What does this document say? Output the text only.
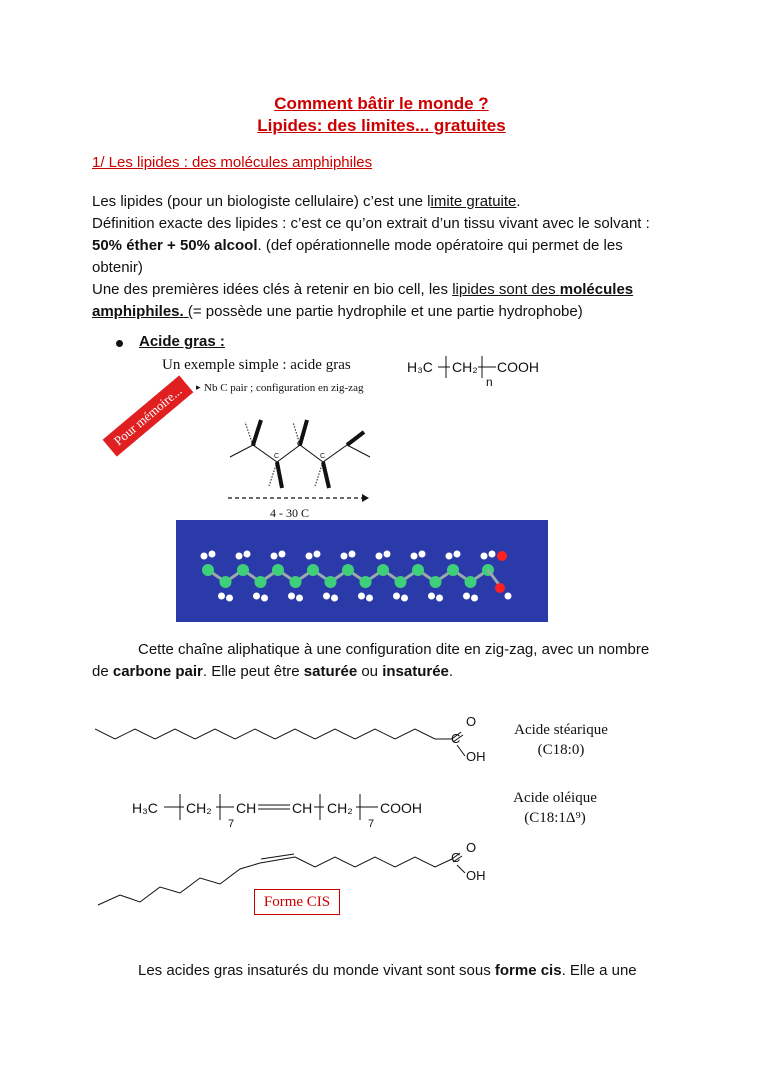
Comment bâtir le monde ?
Lipides: des limites... gratuites
1/ Les lipides : des molécules amphiphiles
Les lipides (pour un biologiste cellulaire) c’est une limite gratuite.
Définition exacte des lipides : c’est ce qu’on extrait d’un tissu vivant avec le solvant :
50% éther + 50% alcool. (def opérationnelle mode opératoire qui permet de les
obtenir)
Une des premières idées clés à retenir en bio cell, les lipides sont des molécules
amphiphiles. (= possède une partie hydrophile et une partie hydrophobe)
Acide gras :
Un exemple simple : acide gras	H₃C CH₂
n
COOH
Pour mémoire...	▸ Nb C pair ; configuration en zig-zag
C
C
C
C
4 - 30 C
Cette chaîne aliphatique à une configuration dite en zig-zag, avec un nombre
de carbone pair. Elle peut être saturée ou insaturée.
O
C
OH
Acide stéarique
(C18:0)
H₃C CH₂
7
CH	CH CH₂
7
COOH
Acide oléique
(C18:1Δ⁹)
O
C
OH
Forme CIS
Les acides gras insaturés du monde vivant sont sous forme cis. Elle a une
